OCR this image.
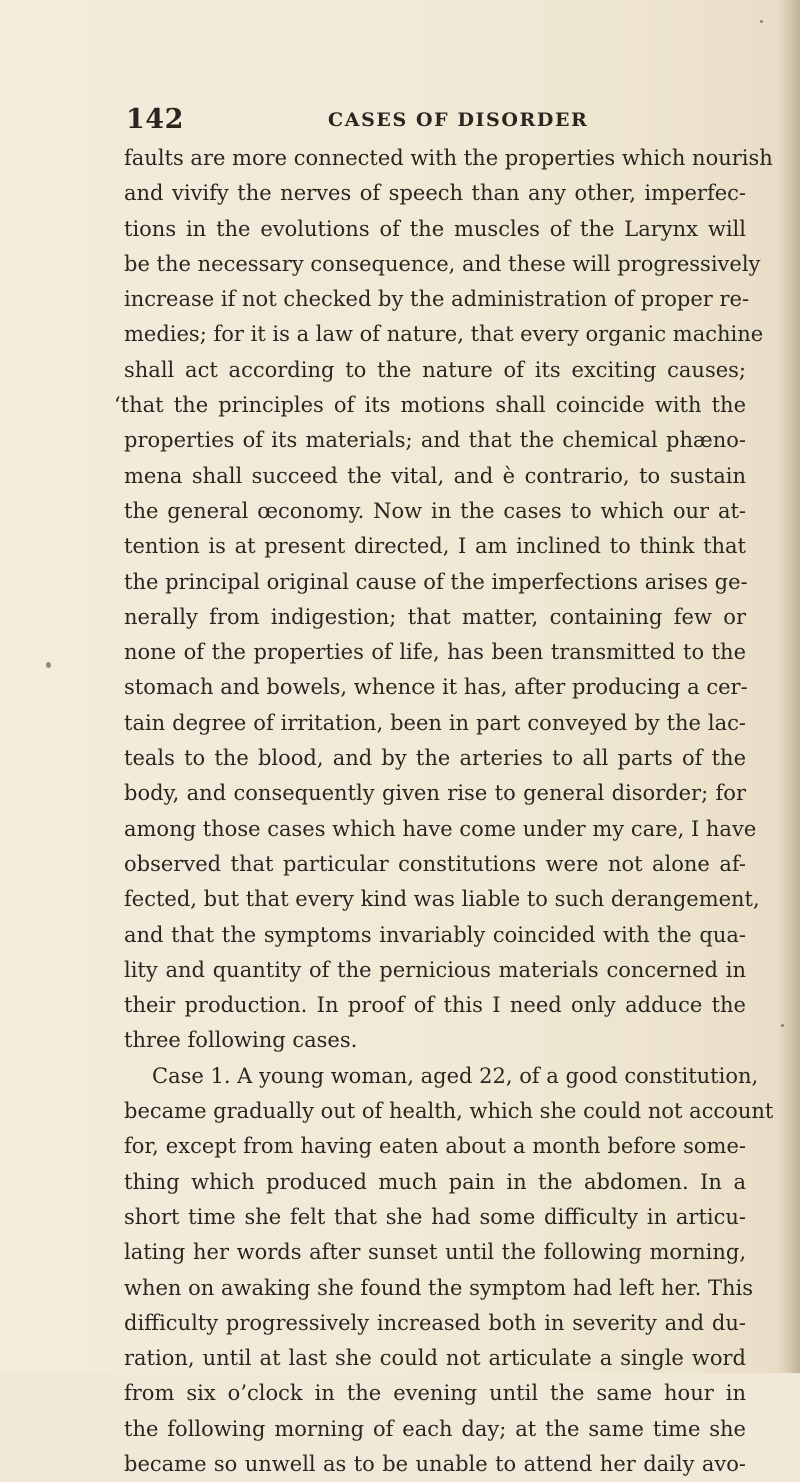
142	CASES OF DISORDER
faults are more connected with the properties which nourish
and vivify the nerves of speech than any other, imperfec-
tions in the evolutions of the muscles of the Larynx will
be the necessary consequence, and these will progressively
increase if not checked by the administration of proper re-
medies; for it is a law of nature, that every organic machine
shall act according to the nature of its exciting causes;
‘that the principles of its motions shall coincide with the
properties of its materials; and that the chemical phæno-
mena shall succeed the vital, and è contrario, to sustain
the general œconomy. Now in the cases to which our at-
tention is at present directed, I am inclined to think that
the principal original cause of the imperfections arises ge-
nerally from indigestion; that matter, containing few or
none of the properties of life, has been transmitted to the
stomach and bowels, whence it has, after producing a cer-
tain degree of irritation, been in part conveyed by the lac-
teals to the blood, and by the arteries to all parts of the
body, and consequently given rise to general disorder; for
among those cases which have come under my care, I have
observed that particular constitutions were not alone af-
fected, but that every kind was liable to such derangement,
and that the symptoms invariably coincided with the qua-
lity and quantity of the pernicious materials concerned in
their production. In proof of this I need only adduce the
three following cases.
Case 1. A young woman, aged 22, of a good constitution,
became gradually out of health, which she could not account
for, except from having eaten about a month before some-
thing which produced much pain in the abdomen. In a
short time she felt that she had some difficulty in articu-
lating her words after sunset until the following morning,
when on awaking she found the symptom had left her. This
difficulty progressively increased both in severity and du-
ration, until at last she could not articulate a single word
from six o’clock in the evening until the same hour in
the following morning of each day; at the same time she
became so unwell as to be unable to attend her daily avo-
